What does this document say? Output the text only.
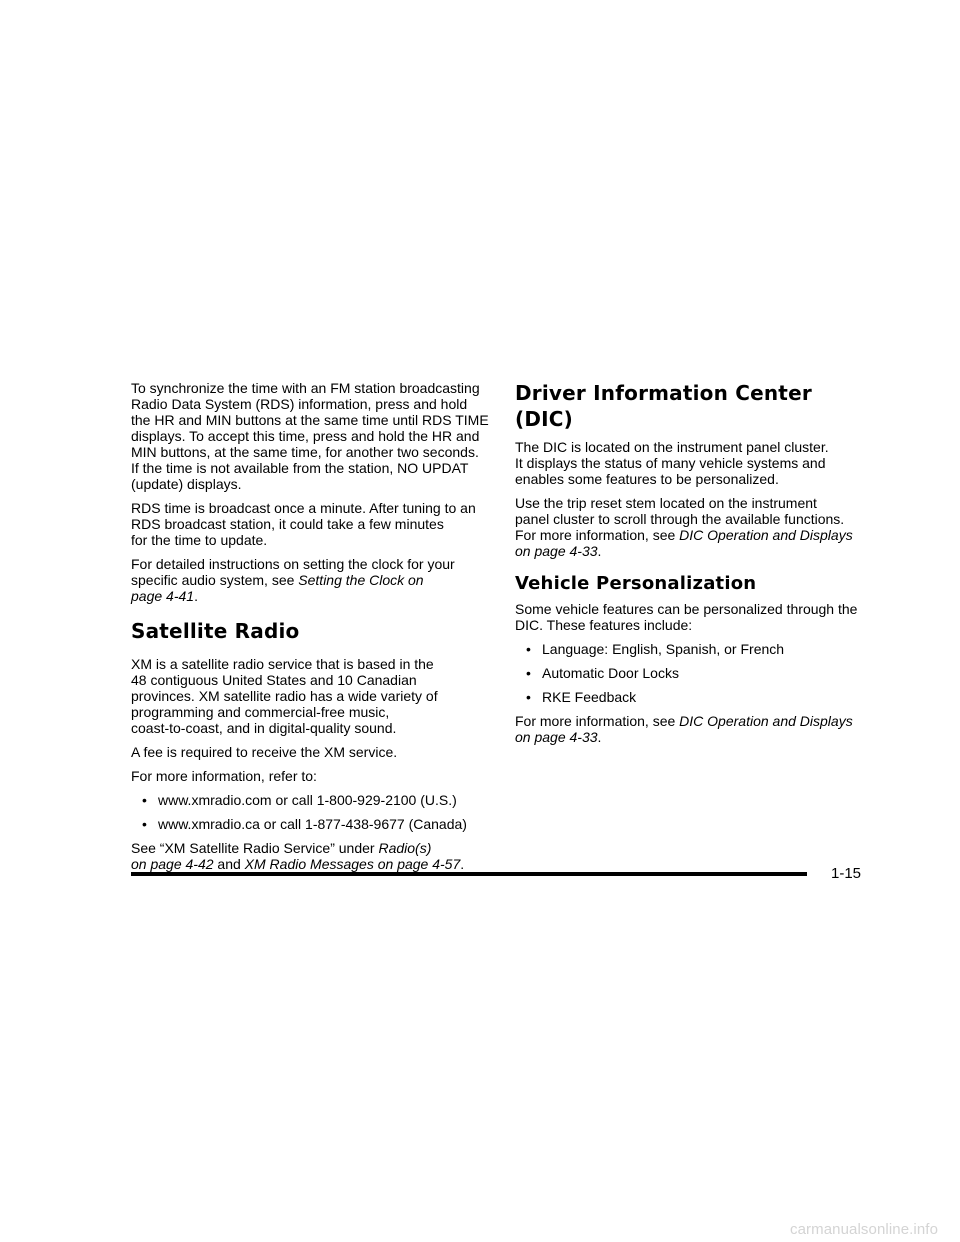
To synchronize the time with an FM station broadcasting
Radio Data System (RDS) information, press and hold
the HR and MIN buttons at the same time until RDS TIME
displays. To accept this time, press and hold the HR and
MIN buttons, at the same time, for another two seconds.
If the time is not available from the station, NO UPDAT
(update) displays.

RDS time is broadcast once a minute. After tuning to an
RDS broadcast station, it could take a few minutes
for the time to update.

For detailed instructions on setting the clock for your
specific audio system, see Setting the Clock on
page 4-41.

Satellite Radio

XM is a satellite radio service that is based in the
48 contiguous United States and 10 Canadian
provinces. XM satellite radio has a wide variety of
programming and commercial-free music,
coast-to-coast, and in digital-quality sound.

A fee is required to receive the XM service.

For more information, refer to:

• www.xmradio.com or call 1-800-929-2100 (U.S.)
• www.xmradio.ca or call 1-877-438-9677 (Canada)

See “XM Satellite Radio Service” under Radio(s)
on page 4-42 and XM Radio Messages on page 4-57.

Driver Information Center (DIC)

The DIC is located on the instrument panel cluster.
It displays the status of many vehicle systems and
enables some features to be personalized.

Use the trip reset stem located on the instrument
panel cluster to scroll through the available functions.
For more information, see DIC Operation and Displays
on page 4-33.

Vehicle Personalization

Some vehicle features can be personalized through the
DIC. These features include:

• Language: English, Spanish, or French
• Automatic Door Locks
• RKE Feedback

For more information, see DIC Operation and Displays
on page 4-33.

1-15
carmanualsonline.info
